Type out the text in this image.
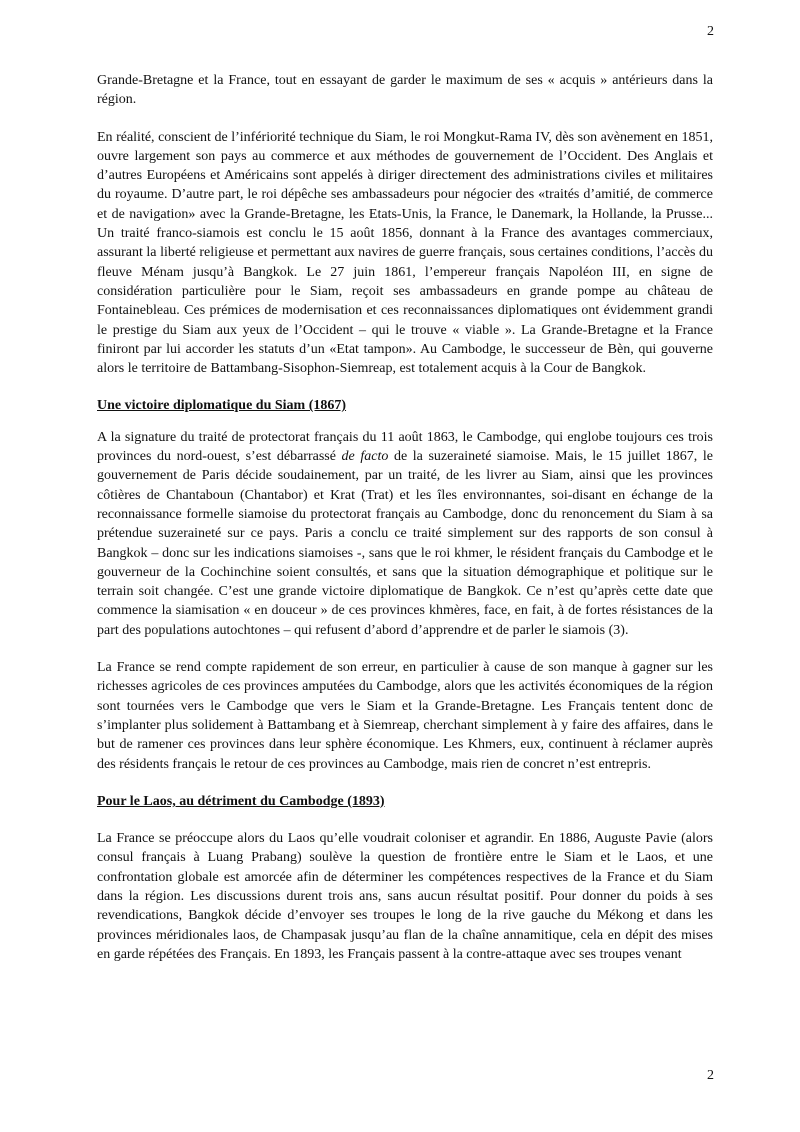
2

Grande-Bretagne et la France, tout en essayant de garder le maximum de ses « acquis » antérieurs dans la région.

En réalité, conscient de l’infériorité technique du Siam, le roi Mongkut-Rama IV, dès son avènement en 1851, ouvre largement son pays au commerce et aux méthodes de gouvernement de l’Occident. Des Anglais et d’autres Européens et Américains sont appelés à diriger directement des administrations civiles et militaires du royaume. D’autre part, le roi dépêche ses ambassadeurs pour négocier des «traités d’amitié, de commerce et de navigation» avec la Grande-Bretagne, les Etats-Unis, la France, le Danemark, la Hollande, la Prusse... Un traité franco-siamois est conclu le 15 août 1856, donnant à la France des avantages commerciaux, assurant la liberté religieuse et permettant aux navires de guerre français, sous certaines conditions, l’accès du fleuve Ménam jusqu’à Bangkok. Le 27 juin 1861, l’empereur français Napoléon III, en signe de considération particulière pour le Siam, reçoit ses ambassadeurs en grande pompe au château de Fontainebleau. Ces prémices de modernisation et ces reconnaissances diplomatiques ont évidemment grandi le prestige du Siam aux yeux de l’Occident – qui le trouve « viable ». La Grande-Bretagne et la France finiront par lui accorder les statuts d’un «Etat tampon». Au Cambodge, le successeur de Bèn, qui gouverne alors le territoire de Battambang-Sisophon-Siemreap, est totalement acquis à la Cour de Bangkok.

Une victoire diplomatique du Siam (1867)

A la signature du traité de protectorat français du 11 août 1863, le Cambodge, qui englobe toujours ces trois provinces du nord-ouest, s’est débarrassé de facto de la suzeraineté siamoise. Mais, le 15 juillet 1867, le gouvernement de Paris décide soudainement, par un traité, de les livrer au Siam, ainsi que les provinces côtières de Chantaboun (Chantabor) et Krat (Trat) et les îles environnantes, soi-disant en échange de la reconnaissance formelle siamoise du protectorat français au Cambodge, donc du renoncement du Siam à sa prétendue suzeraineté sur ce pays. Paris a conclu ce traité simplement sur des rapports de son consul à Bangkok – donc sur les indications siamoises -, sans que le roi khmer, le résident français du Cambodge et le gouverneur de la Cochinchine soient consultés, et sans que la situation démographique et politique sur le terrain soit changée. C’est une grande victoire diplomatique de Bangkok. Ce n’est qu’après cette date que commence la siamisation « en douceur » de ces provinces khmères, face, en fait, à de fortes résistances de la part des populations autochtones – qui refusent d’abord d’apprendre et de parler le siamois (3).

La France se rend compte rapidement de son erreur, en particulier à cause de son manque à gagner sur les richesses agricoles de ces provinces amputées du Cambodge, alors que les activités économiques de la région sont tournées vers le Cambodge que vers le Siam et la Grande-Bretagne. Les Français tentent donc de s’implanter plus solidement à Battambang et à Siemreap, cherchant simplement à y faire des affaires, dans le but de ramener ces provinces dans leur sphère économique. Les Khmers, eux, continuent à réclamer auprès des résidents français le retour de ces provinces au Cambodge, mais rien de concret n’est entrepris.

Pour le Laos, au détriment du Cambodge (1893)

La France se préoccupe alors du Laos qu’elle voudrait coloniser et agrandir. En 1886, Auguste Pavie (alors consul français à Luang Prabang) soulève la question de frontière entre le Siam et le Laos, et une confrontation globale est amorcée afin de déterminer les compétences respectives de la France et du Siam dans la région. Les discussions durent trois ans, sans aucun résultat positif. Pour donner du poids à ses revendications, Bangkok décide d’envoyer ses troupes le long de la rive gauche du Mékong et dans les provinces méridionales laos, de Champasak jusqu’au flan de la chaîne annamitique, cela en dépit des mises en garde répétées des Français. En 1893, les Français passent à la contre-attaque avec ses troupes venant

2
